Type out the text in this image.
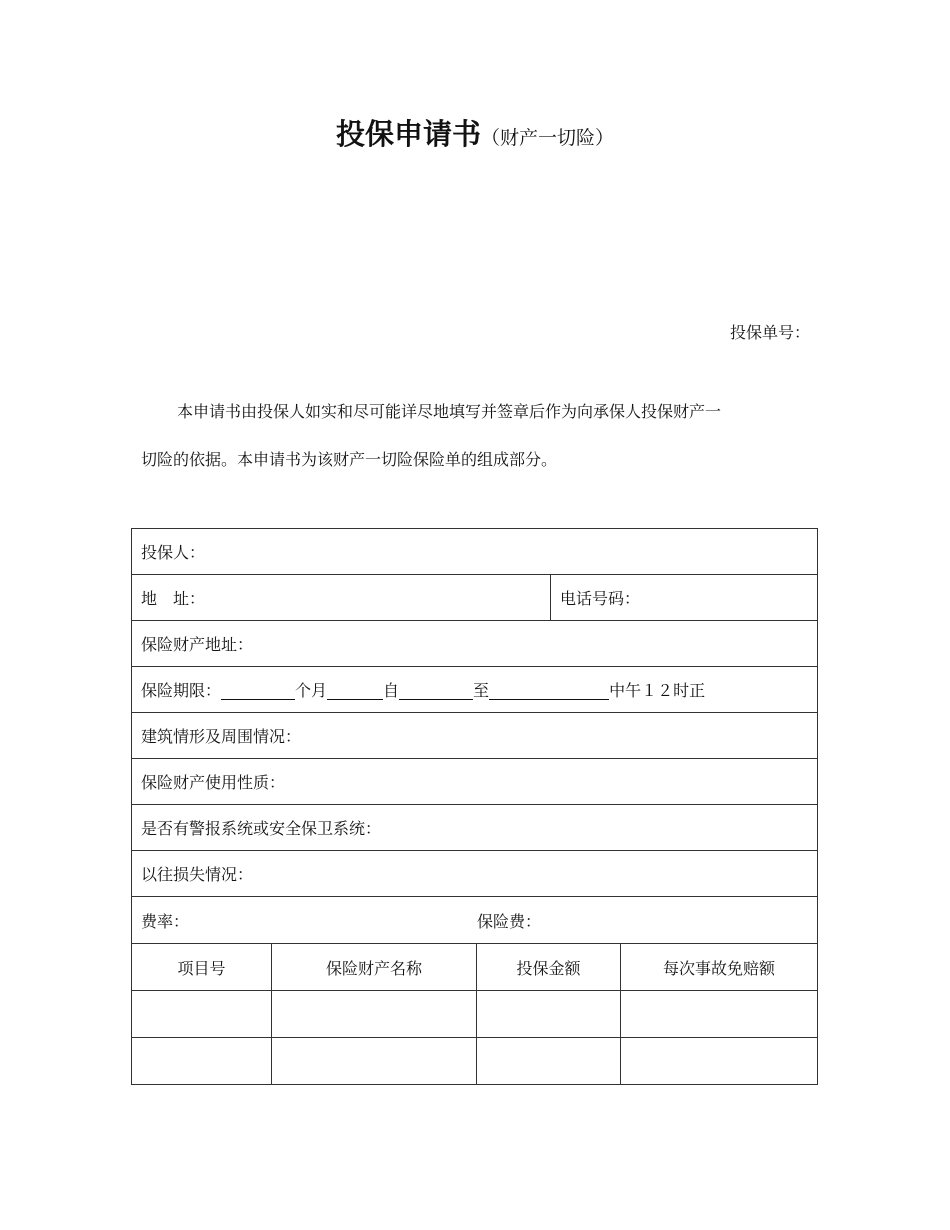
投保申请书（财产一切险）
投保单号：
本申请书由投保人如实和尽可能详尽地填写并签章后作为向承保人投保财产一
切险的依据。本申请书为该财产一切险保险单的组成部分。
投保人：
地　址：	电话号码：
保险财产地址：
保险期限：	个月	自	至	中午１２时正
建筑情形及周围情况：
保险财产使用性质：
是否有警报系统或安全保卫系统：
以往损失情况：
费率：	保险费：
项目号	保险财产名称	投保金额	每次事故免赔额
